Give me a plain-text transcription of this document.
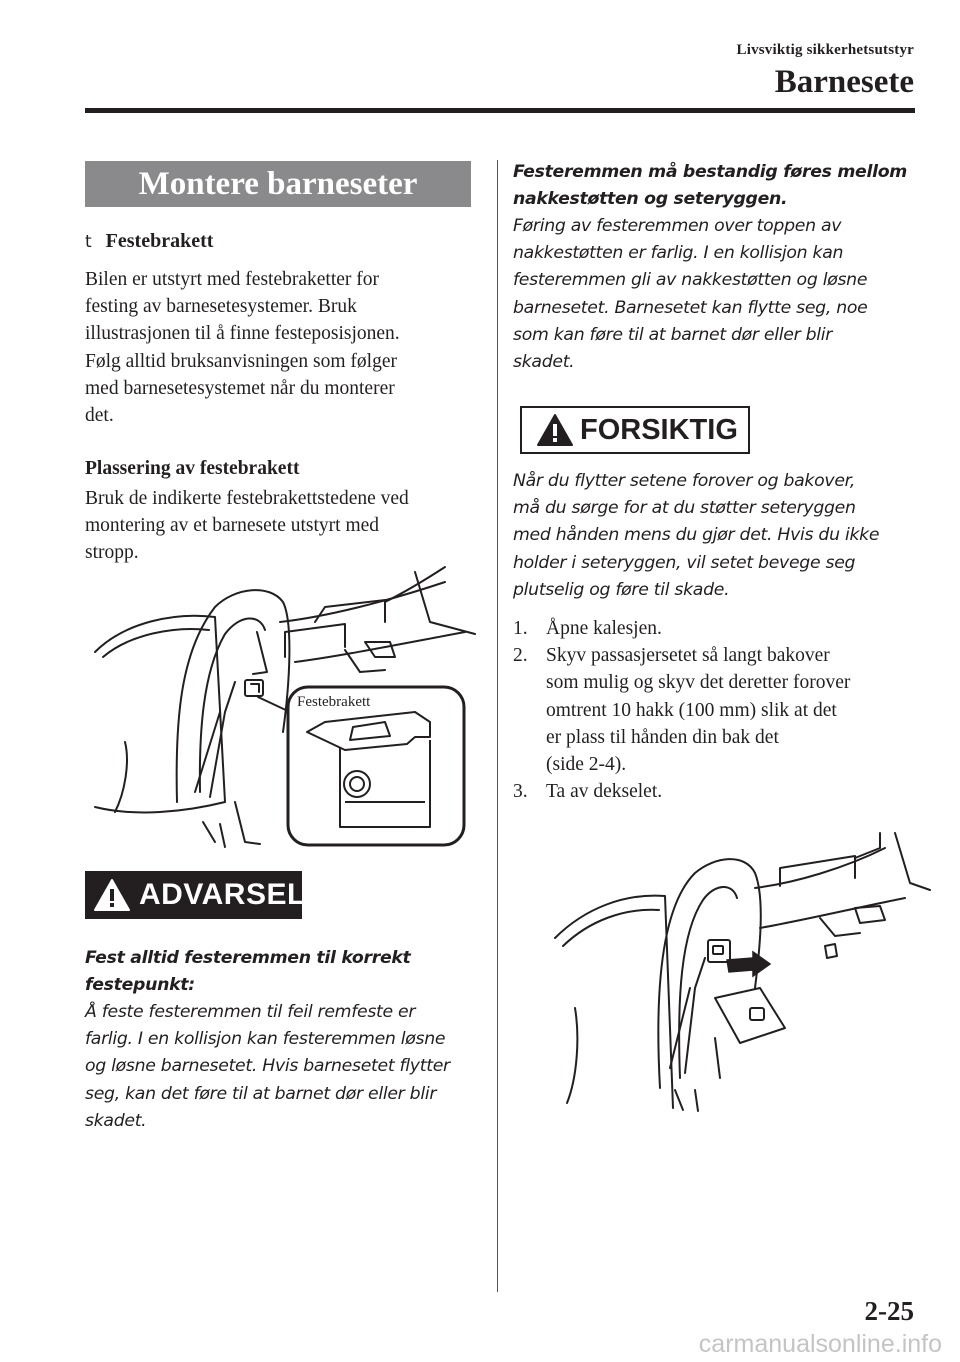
Livsviktig sikkerhetsutstyr
Barnesete
Montere barneseter
t Festebrakett
Bilen er utstyrt med festebraketter for
festing av barnesetesystemer. Bruk
illustrasjonen til å finne festeposisjonen.
Følg alltid bruksanvisningen som følger
med barnesetesystemet når du monterer
det.
Plassering av festebrakett
Bruk de indikerte festebrakettstedene ved
montering av et barnesete utstyrt med
stropp.
Festebrakett
ADVARSEL
Fest alltid festeremmen til korrekt
festepunkt:
Å feste festeremmen til feil remfeste er
farlig. I en kollisjon kan festeremmen løsne
og løsne barnesetet. Hvis barnesetet flytter
seg, kan det føre til at barnet dør eller blir
skadet.
Festeremmen må bestandig føres mellom
nakkestøtten og seteryggen.
Føring av festeremmen over toppen av
nakkestøtten er farlig. I en kollisjon kan
festeremmen gli av nakkestøtten og løsne
barnesetet. Barnesetet kan flytte seg, noe
som kan føre til at barnet dør eller blir
skadet.
FORSIKTIG
Når du flytter setene forover og bakover,
må du sørge for at du støtter seteryggen
med hånden mens du gjør det. Hvis du ikke
holder i seteryggen, vil setet bevege seg
plutselig og føre til skade.
1. Åpne kalesjen.
2. Skyv passasjersetet så langt bakover
som mulig og skyv det deretter forover
omtrent 10 hakk (100 mm) slik at det
er plass til hånden din bak det
(side 2-4).
3. Ta av dekselet.
2-25
carmanualsonline.info
